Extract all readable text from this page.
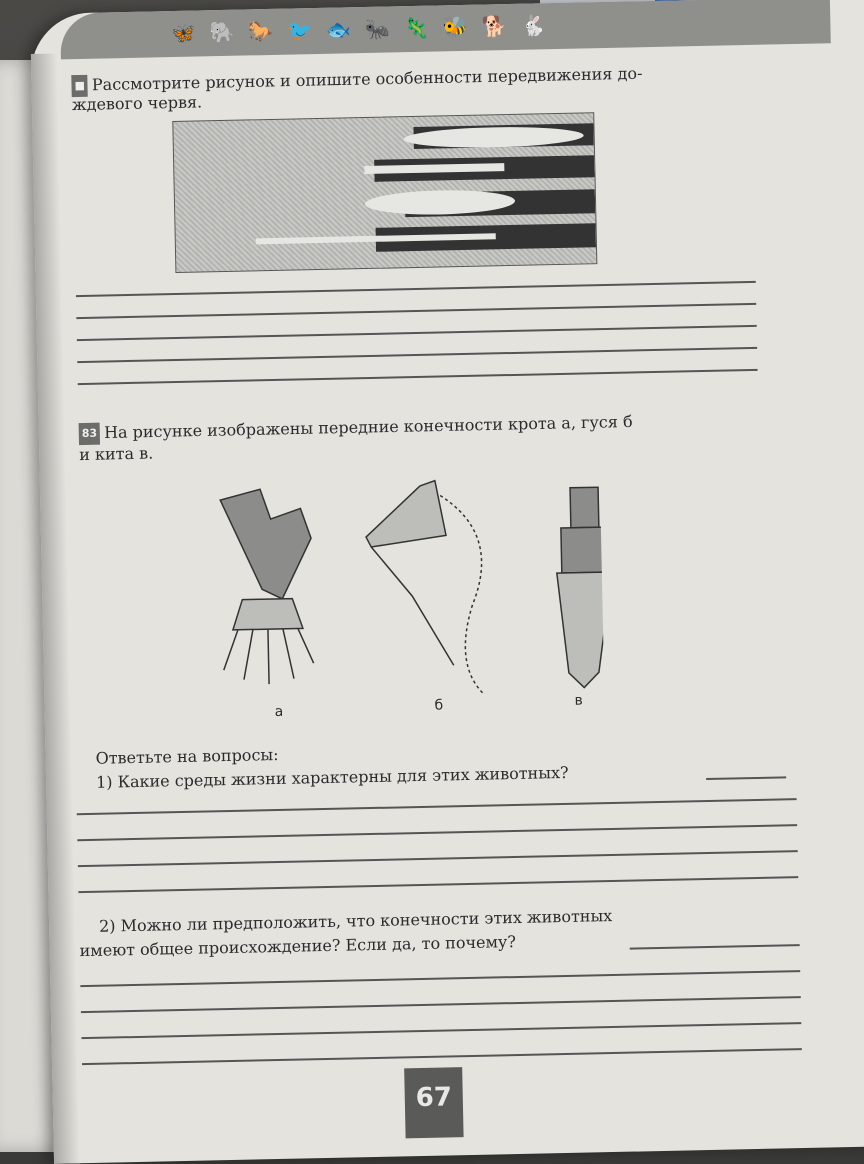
🦋🐘🐎🐦🐟🐜🦎🐝🐕🐇
■ Рассмотрите рисунок и опишите особенности передвижения до-
ждевого червя.
83 На рисунке изображены передние конечности крота а, гуся б
и кита в.
а	б	в
Ответьте на вопросы:
1) Какие среды жизни характерны для этих животных?
2) Можно ли предположить, что конечности этих животных
имеют общее происхождение? Если да, то почему?
67
